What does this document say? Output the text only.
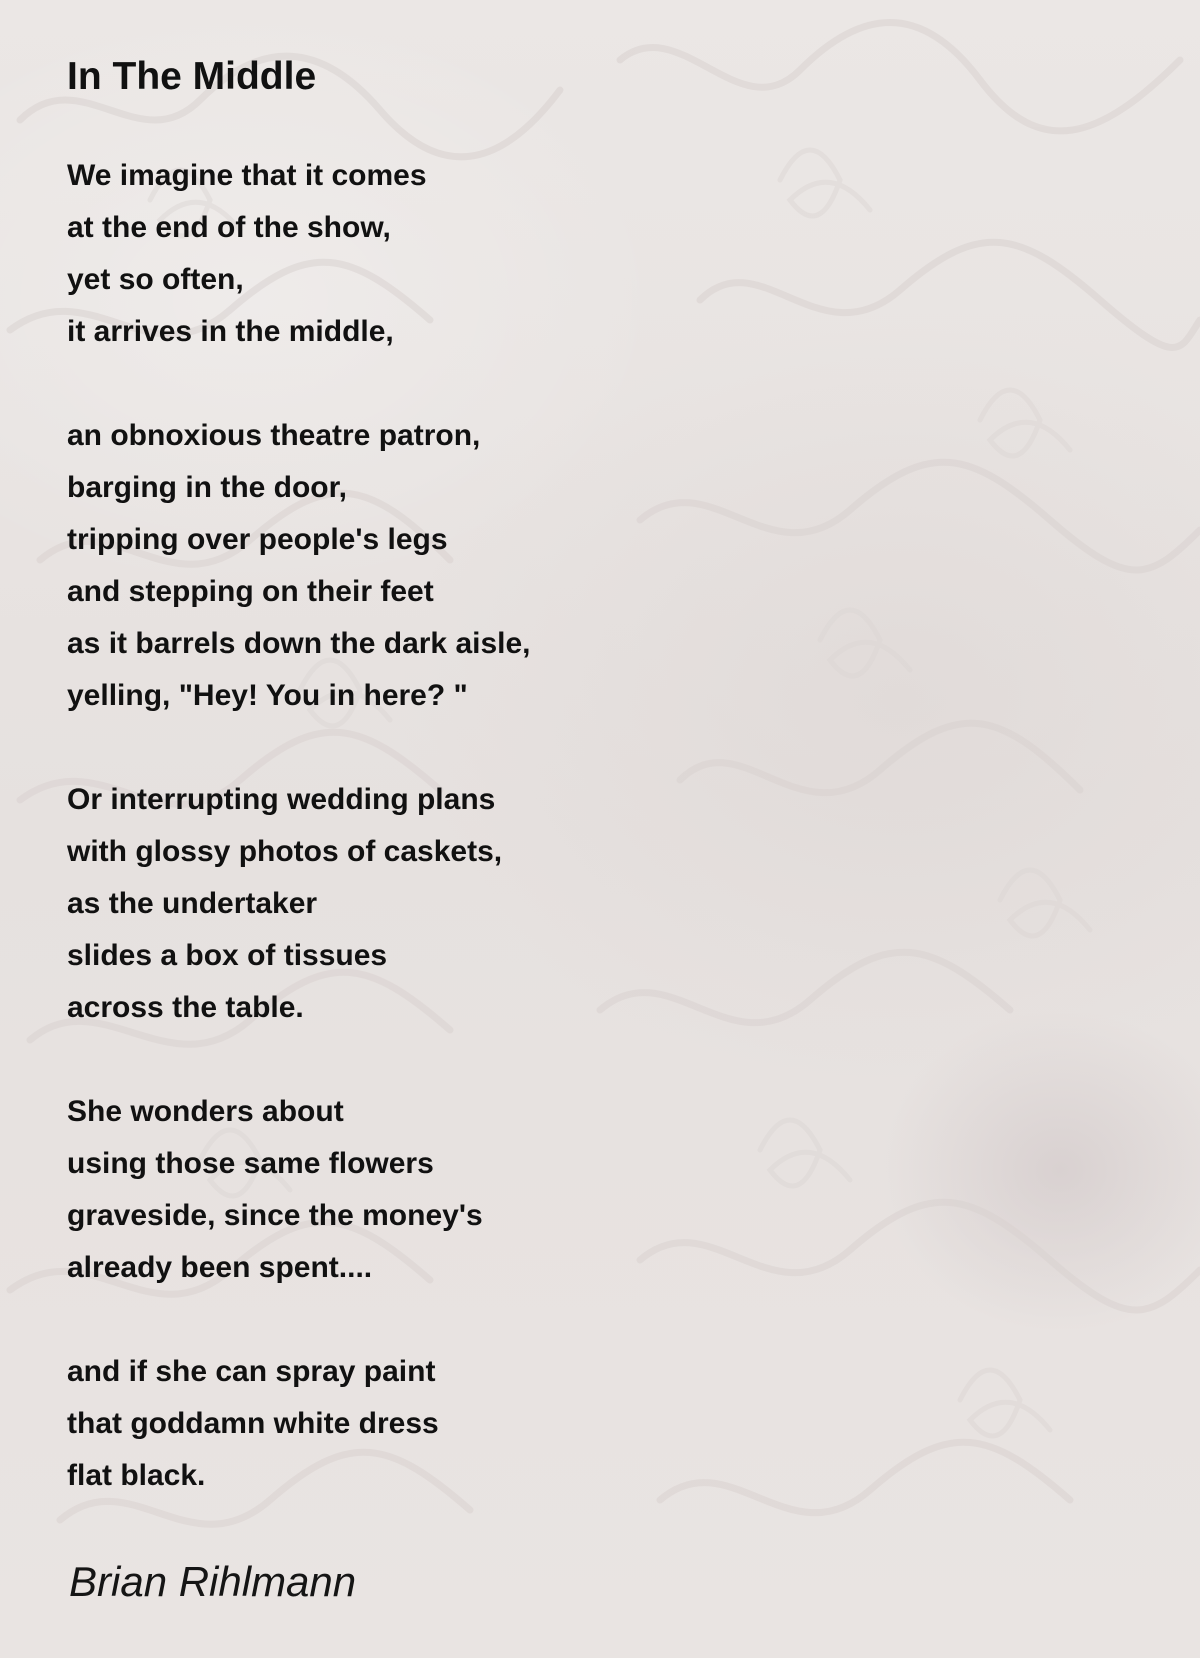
In The Middle
We imagine that it comes
at the end of the show,
yet so often,
it arrives in the middle,
an obnoxious theatre patron,
barging in the door,
tripping over people's legs
and stepping on their feet
as it barrels down the dark aisle,
yelling, "Hey! You in here? "
Or interrupting wedding plans
with glossy photos of caskets,
as the undertaker
slides a box of tissues
across the table.
She wonders about
using those same flowers
graveside, since the money's
already been spent....
and if she can spray paint
that goddamn white dress
flat black.
Brian Rihlmann
